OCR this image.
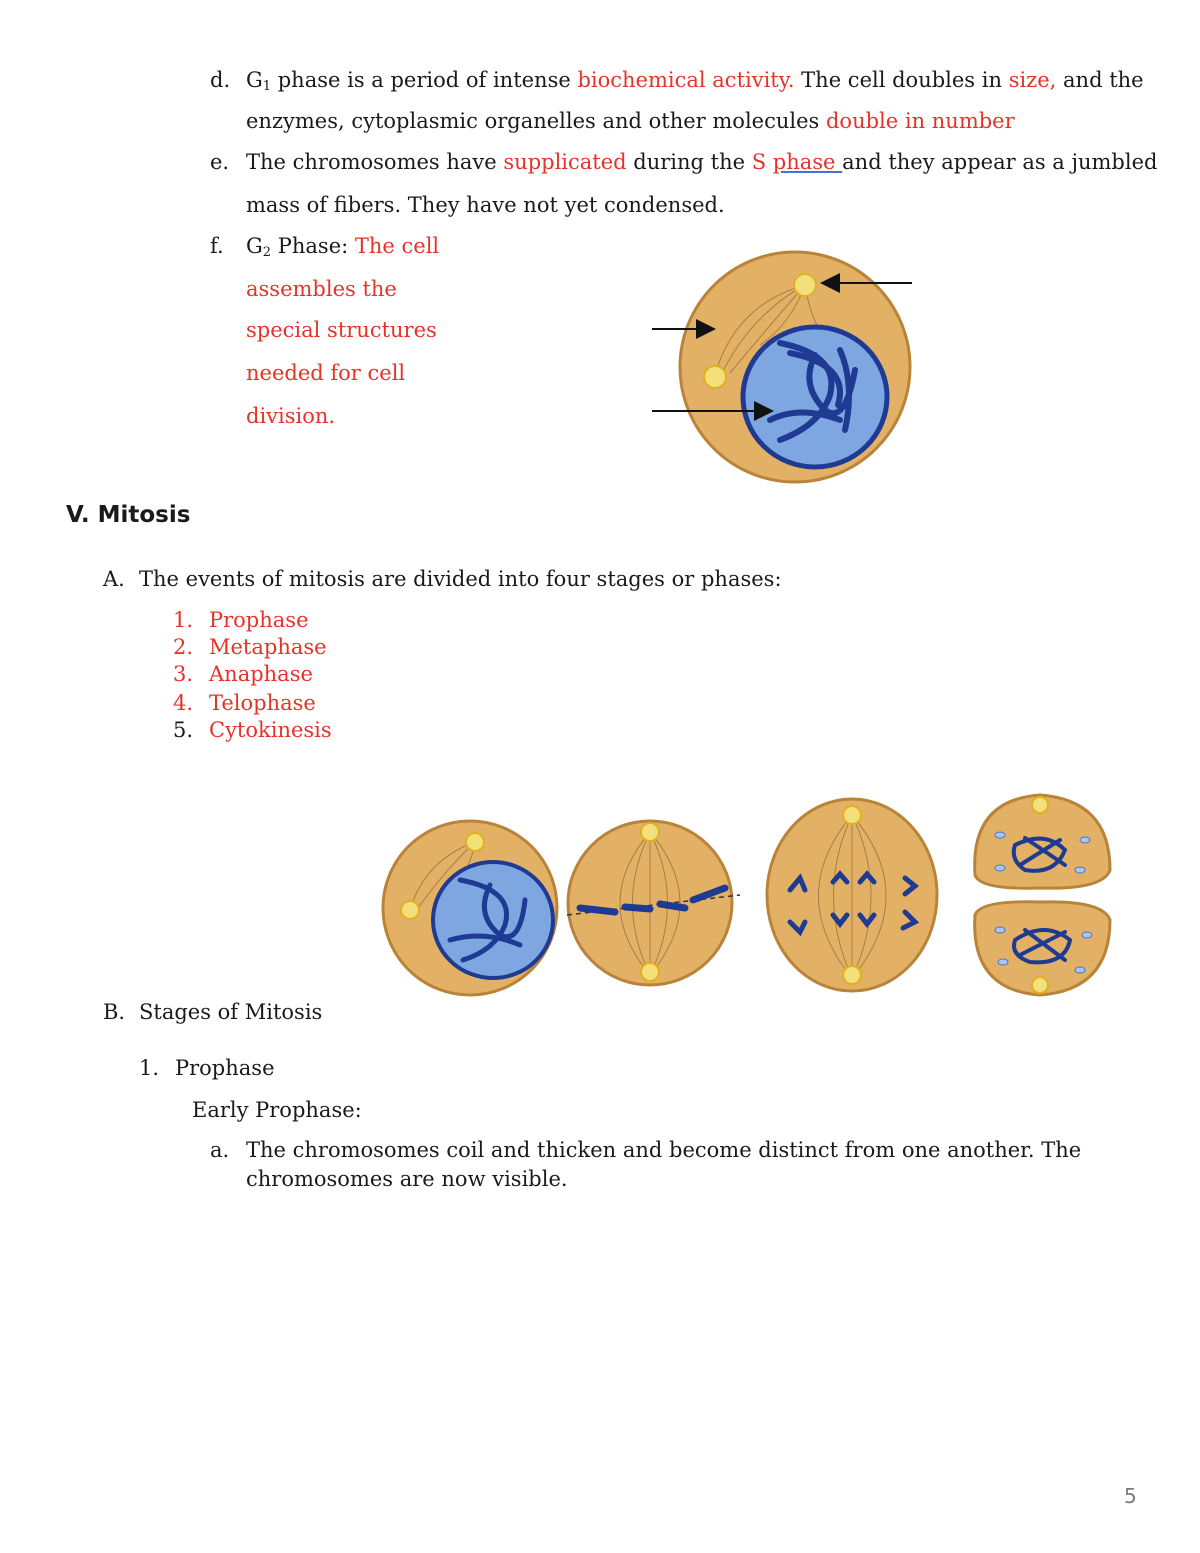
d. $G_1$ phase is a period of intense biochemical activity. The cell doubles in size, and the
enzymes, cytoplasmic organelles and other molecules double in number
e. The chromosomes have supplicated during the S phase and they appear as a jumbled
mass of fibers. They have not yet condensed.
f. $G_2$ Phase: The cell
assembles the
special structures
needed for cell
division.
V. Mitosis
A. The events of mitosis are divided into four stages or phases:
1. Prophase
2. Metaphase
3. Anaphase
4. Telophase
5. Cytokinesis
B. Stages of Mitosis
1. Prophase
Early Prophase:
a. The chromosomes coil and thicken and become distinct from one another. The
chromosomes are now visible.
5
